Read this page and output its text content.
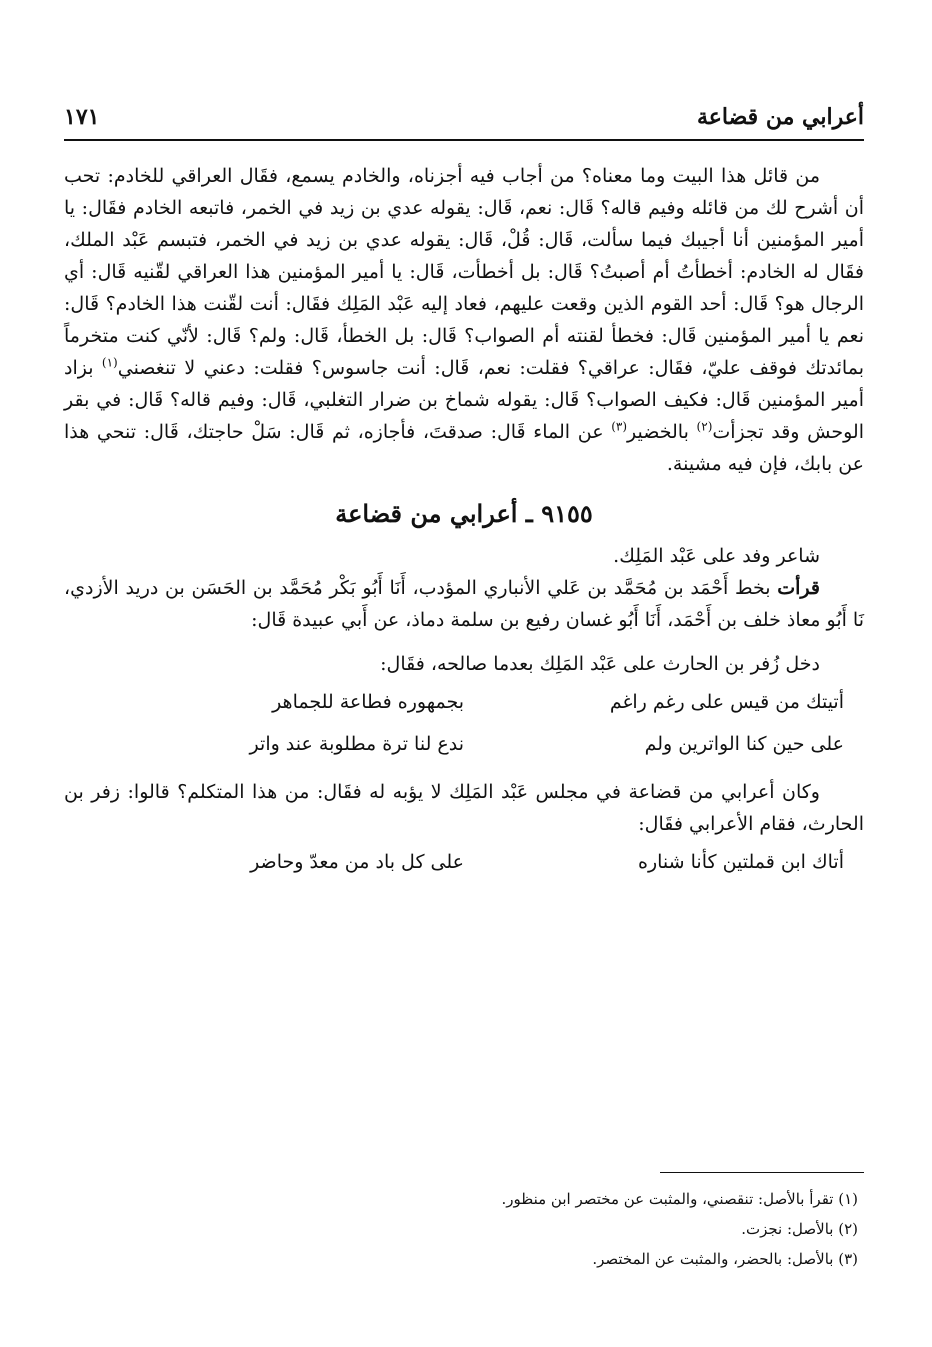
أعرابي من قضاعة
١٧١

من قائل هذا البيت وما معناه؟ من أجاب فيه أجزناه، والخادم يسمع، فقَال العراقي للخادم: تحب أن أشرح لك من قائله وفيم قاله؟ قَال: نعم، قَال: يقوله عدي بن زيد في الخمر، فاتبعه الخادم فقَال: يا أمير المؤمنين أنا أجيبك فيما سألت، قَال: قُلْ، قَال: يقوله عدي بن زيد في الخمر، فتبسم عَبْد الملك، فقَال له الخادم: أخطأتُ أم أصبتُ؟ قَال: بل أخطأت، قَال: يا أمير المؤمنين هذا العراقي لقّنيه قَال: أي الرجال هو؟ قَال: أحد القوم الذين وقعت عليهم، فعاد إليه عَبْد المَلِك فقَال: أنت لقّنت هذا الخادم؟ قَال: نعم يا أمير المؤمنين قَال: فخطأ لقنته أم الصواب؟ قَال: بل الخطأ، قَال: ولم؟ قَال: لأنّي كنت متخرماً بمائدتك فوقف عليّ، فقَال: عراقي؟ فقلت: نعم، قَال: أنت جاسوس؟ فقلت: دعني لا تنغصني$^{(١)}$ بزاد أمير المؤمنين قَال: فكيف الصواب؟ قَال: يقوله شماخ بن ضرار التغلبي، قَال: وفيم قاله؟ قَال: في بقر الوحش وقد تجزأت$^{(٢)}$ بالخضير$^{(٣)}$ عن الماء قَال: صدقتَ، فأجازه، ثم قَال: سَلْ حاجتك، قَال: تنحي هذا عن بابك، فإن فيه مشينة.

٩١٥٥ ـ أعرابي من قضاعة

شاعر وفد على عَبْد المَلِك.

قرأت بخط أَحْمَد بن مُحَمَّد بن عَلي الأنباري المؤدب، أَنَا أَبُو بَكْر مُحَمَّد بن الحَسَن بن دريد الأزدي، نَا أَبُو معاذ خلف بن أَحْمَد، أَنَا أَبُو غسان رفيع بن سلمة دماذ، عن أَبي عبيدة قَال:

دخل زُفر بن الحارث على عَبْد المَلِك بعدما صالحه، فقَال:

أتيتك من قيس على رغم راغم
بجمهوره فطاعة للجماهر
على حين كنا الواترين ولم
ندع لنا ترة مطلوبة عند واتر

وكان أعرابي من قضاعة في مجلس عَبْد المَلِك لا يؤبه له فقَال: من هذا المتكلم؟ قالوا: زفر بن الحارث، فقام الأعرابي فقَال:

أتاك ابن قملتين كأنا شناره
على كل باد من معدّ وحاضر

(١) تقرأ بالأصل: تنقصني، والمثبت عن مختصر ابن منظور.

(٢) بالأصل: نجزت.

(٣) بالأصل: بالحضر، والمثبت عن المختصر.
